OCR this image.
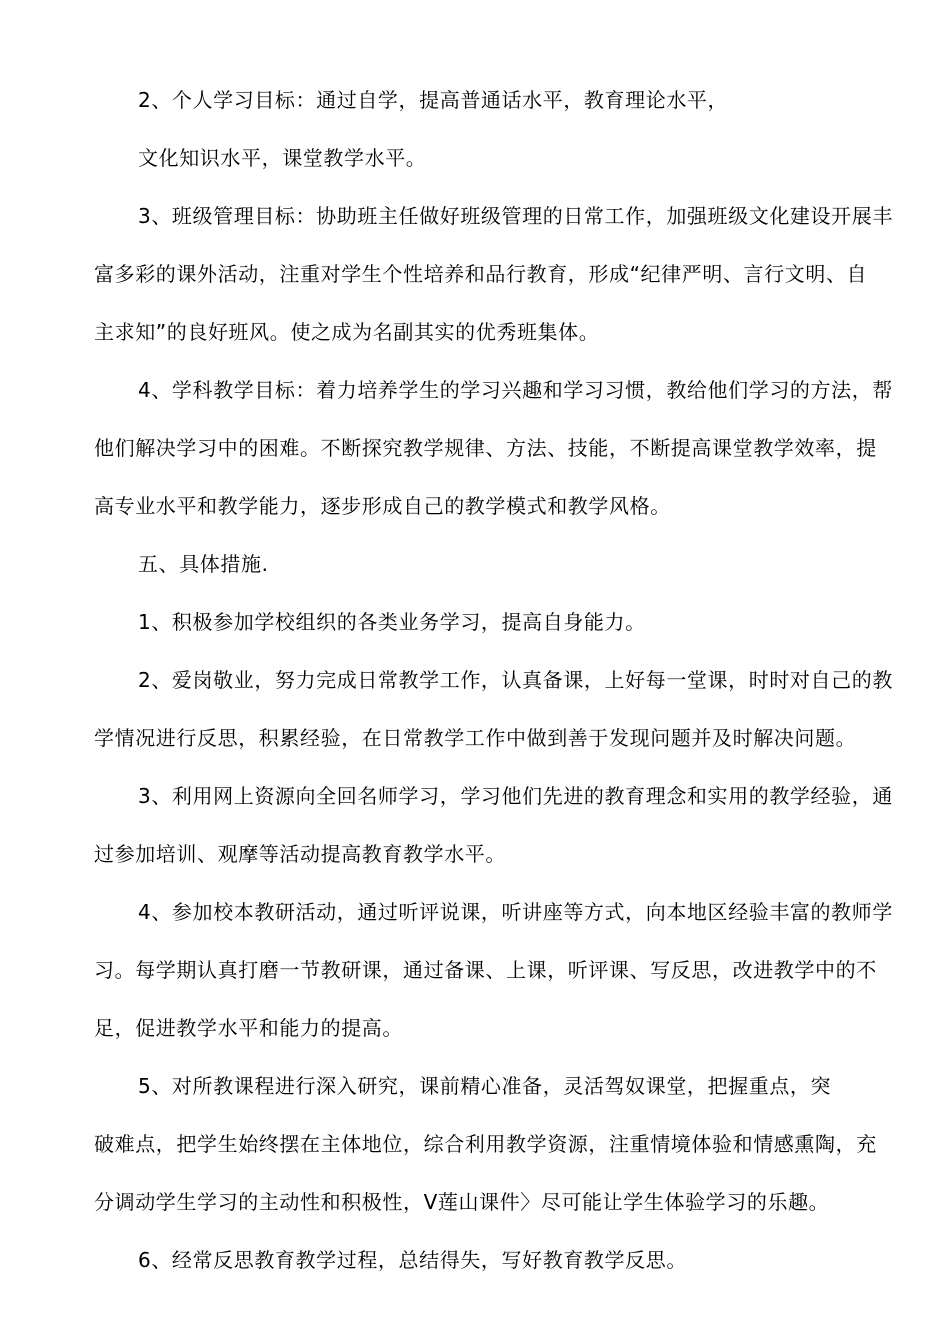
2、个人学习目标：通过自学，提高普通话水平，教育理论水平，

文化知识水平，课堂教学水平。

3、班级管理目标：协助班主任做好班级管理的日常工作，加强班级文化建设开展丰

富多彩的课外活动，注重对学生个性培养和品行教育，形成“纪律严明、言行文明、自

主求知”的良好班风。使之成为名副其实的优秀班集体。

4、学科教学目标：着力培养学生的学习兴趣和学习习惯，教给他们学习的方法，帮

他们解决学习中的困难。不断探究教学规律、方法、技能，不断提高课堂教学效率，提

高专业水平和教学能力，逐步形成自己的教学模式和教学风格。

五、具体措施.

1、积极参加学校组织的各类业务学习，提高自身能力。

2、爱岗敬业，努力完成日常教学工作，认真备课，上好每一堂课，时时对自己的教

学情况进行反思，积累经验，在日常教学工作中做到善于发现问题并及时解决问题。

3、利用网上资源向全回名师学习，学习他们先进的教育理念和实用的教学经验，通

过参加培训、观摩等活动提高教育教学水平。

4、参加校本教研活动，通过听评说课，听讲座等方式，向本地区经验丰富的教师学

习。每学期认真打磨一节教研课，通过备课、上课，听评课、写反思，改进教学中的不

足，促进教学水平和能力的提高。

5、对所教课程进行深入研究，课前精心准备，灵活驾奴课堂，把握重点，突

破难点，把学生始终摆在主体地位，综合利用教学资源，注重情境体验和情感熏陶，充

分调动学生学习的主动性和积极性，V莲山课件〉尽可能让学生体验学习的乐趣。

6、经常反思教育教学过程，总结得失，写好教育教学反思。
